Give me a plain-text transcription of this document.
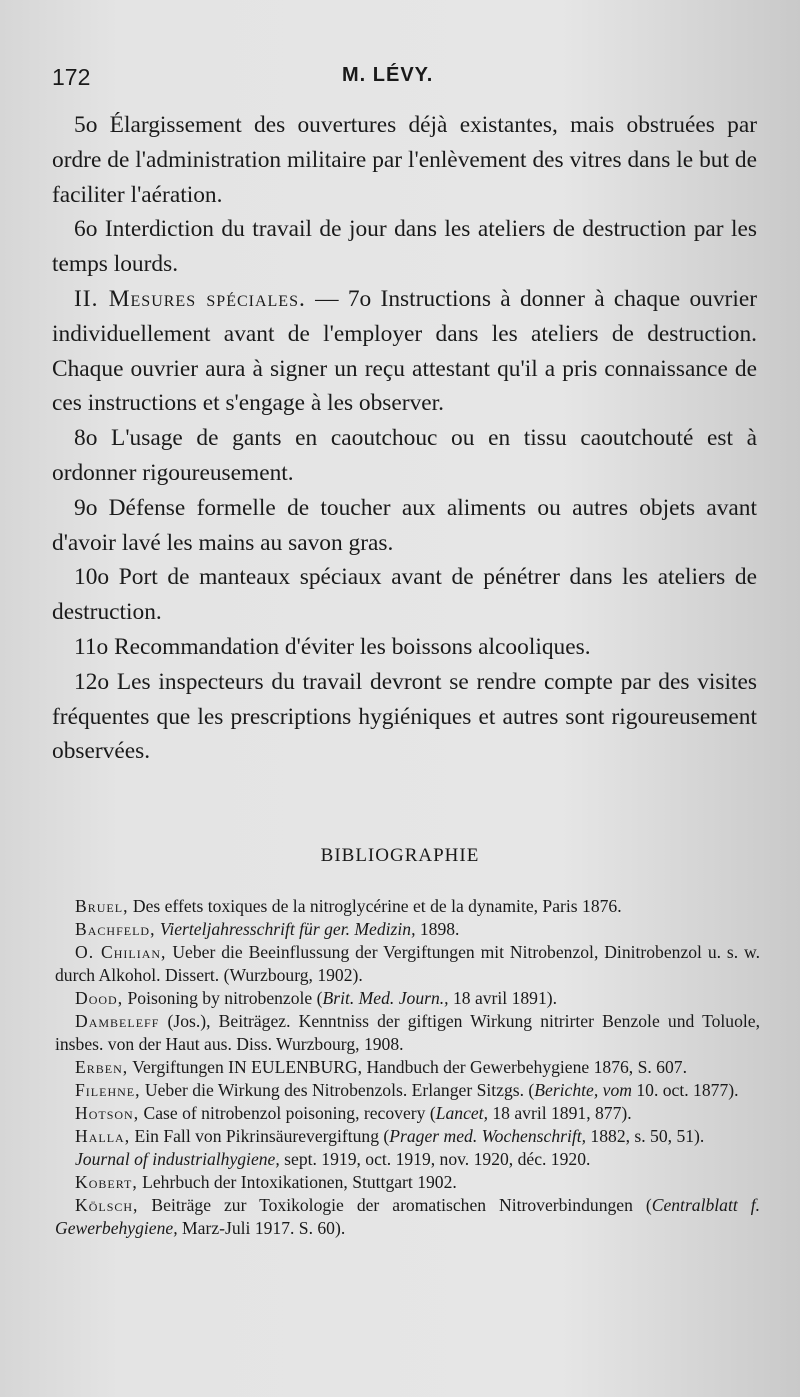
172	M. LÉVY.

5o Élargissement des ouvertures déjà existantes, mais obstruées par ordre de l'administration militaire par l'enlèvement des vitres dans le but de faciliter l'aération.

6o Interdiction du travail de jour dans les ateliers de destruction par les temps lourds.

II. Mesures spéciales. — 7o Instructions à donner à chaque ouvrier individuellement avant de l'employer dans les ateliers de destruction. Chaque ouvrier aura à signer un reçu attestant qu'il a pris connaissance de ces instructions et s'engage à les observer.

8o L'usage de gants en caoutchouc ou en tissu caoutchouté est à ordonner rigoureusement.

9o Défense formelle de toucher aux aliments ou autres objets avant d'avoir lavé les mains au savon gras.

10o Port de manteaux spéciaux avant de pénétrer dans les ateliers de destruction.

11o Recommandation d'éviter les boissons alcooliques.

12o Les inspecteurs du travail devront se rendre compte par des visites fréquentes que les prescriptions hygiéniques et autres sont rigoureusement observées.

BIBLIOGRAPHIE

Bruel, Des effets toxiques de la nitroglycérine et de la dynamite, Paris 1876.

Bachfeld, Vierteljahresschrift für ger. Medizin, 1898.

O. Chilian, Ueber die Beeinflussung der Vergiftungen mit Nitrobenzol, Dinitrobenzol u. s. w. durch Alkohol. Dissert. (Wurzbourg, 1902).

Dood, Poisoning by nitrobenzole (Brit. Med. Journ., 18 avril 1891).

Dambeleff (Jos.), Beiträgez. Kenntniss der giftigen Wirkung nitrirter Benzole und Toluole, insbes. von der Haut aus. Diss. Wurzbourg, 1908.

Erben, Vergiftungen IN EULENBURG, Handbuch der Gewerbehygiene 1876, S. 607.

Filehne, Ueber die Wirkung des Nitrobenzols. Erlanger Sitzgs. (Berichte, vom 10. oct. 1877).

Hotson, Case of nitrobenzol poisoning, recovery (Lancet, 18 avril 1891, 877).

Halla, Ein Fall von Pikrinsäurevergiftung (Prager med. Wochenschrift, 1882, s. 50, 51).

Journal of industrialhygiene, sept. 1919, oct. 1919, nov. 1920, déc. 1920.

Kobert, Lehrbuch der Intoxikationen, Stuttgart 1902.

Kölsch, Beiträge zur Toxikologie der aromatischen Nitroverbindungen (Centralblatt f. Gewerbehygiene, Marz-Juli 1917. S. 60).
